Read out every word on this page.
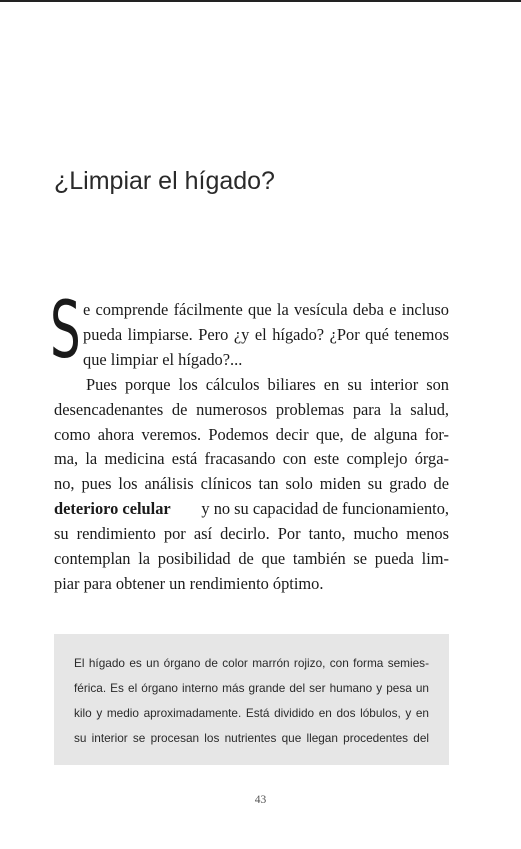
¿Limpiar el hígado?
S e comprende fácilmente que la vesícula deba e incluso
pueda limpiarse. Pero ¿y el hígado? ¿Por qué tenemos
que limpiar el hígado?...
Pues porque los cálculos biliares en su interior son
desencadenantes de numerosos problemas para la salud,
como ahora veremos. Podemos decir que, de alguna for-
ma, la medicina está fracasando con este complejo órga-
no, pues los análisis clínicos tan solo miden su grado de
deterioro celular y no su capacidad de funcionamiento,
su rendimiento por así decirlo. Por tanto, mucho menos
contemplan la posibilidad de que también se pueda lim-
piar para obtener un rendimiento óptimo.
El hígado es un órgano de color marrón rojizo, con forma semies-
férica. Es el órgano interno más grande del ser humano y pesa un
kilo y medio aproximadamente. Está dividido en dos lóbulos, y en
su interior se procesan los nutrientes que llegan procedentes del
43
